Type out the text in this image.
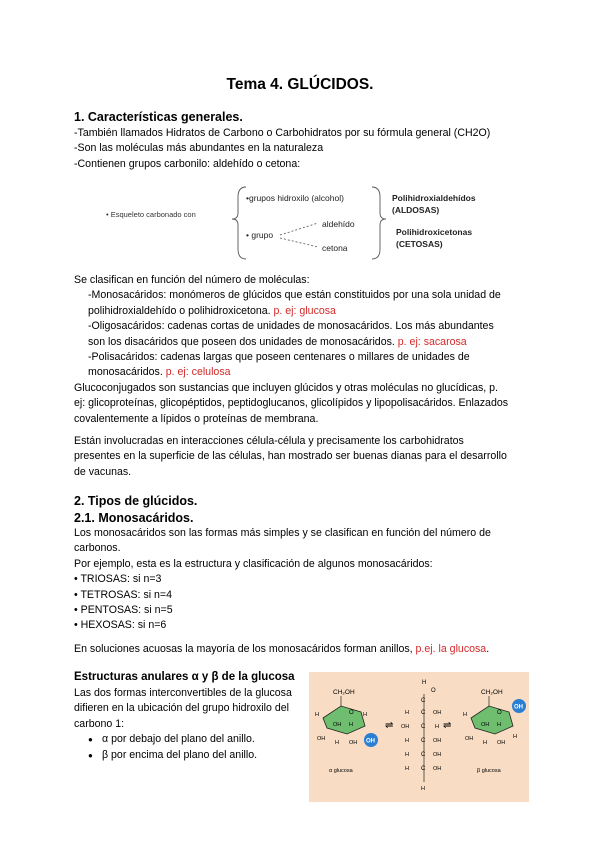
Tema 4. GLÚCIDOS.
1. Características generales.
-También llamados Hidratos de Carbono o Carbohidratos por su fórmula general (CH2O)
-Son las moléculas más abundantes en la naturaleza
-Contienen grupos carbonilo: aldehído o cetona:
• Esqueleto carbonado con
•grupos hidroxilo (alcohol)
• grupo
aldehído
cetona
Polihidroxialdehídos
(ALDOSAS)
Polihidroxicetonas
(CETOSAS)
Se clasifican en función del número de moléculas:
-Monosacáridos: monómeros de glúcidos que están constituidos por una sola unidad de
polihidroxialdehído o polihidroxicetona. p. ej: glucosa
-Oligosacáridos: cadenas cortas de unidades de monosacáridos. Los más abundantes
son los disacáridos que poseen dos unidades de monosacáridos. p. ej: sacarosa
-Polisacáridos: cadenas largas que poseen centenares o millares de unidades de
monosacáridos. p. ej: celulosa
Glucoconjugados son sustancias que incluyen glúcidos y otras moléculas no glucídicas, p.
ej: glicoproteínas, glicopéptidos, peptidoglucanos, glicolípidos y lipopolisacáridos. Enlazados
covalentemente a lípidos o proteínas de membrana.
Están involucradas en interacciones célula-célula y precisamente los carbohidratos
presentes en la superficie de las células, han mostrado ser buenas dianas para el desarrollo
de vacunas.
2. Tipos de glúcidos.
2.1. Monosacáridos.
Los monosacáridos son las formas más simples y se clasifican en función del número de
carbonos.
Por ejemplo, esta es la estructura y clasificación de algunos monosacáridos:
• TRIOSAS: si n=3
• TETROSAS: si n=4
• PENTOSAS: si n=5
• HEXOSAS: si n=6
En soluciones acuosas la mayoría de los monosacáridos forman anillos, p.ej. la glucosa.
Estructuras anulares α y β de la glucosa
Las dos formas interconvertibles de la glucosa
difieren en la ubicación del grupo hidroxilo del
carbono 1:
● α por debajo del plano del anillo.
● β por encima del plano del anillo.
CH₂OH
O
H
OH
OH H
H OH
H
OH
α glucosa
⇌	⇌
H
O
C
H C OH
OH C H
H C OH
H C OH
H C OH
H
CH₂OH
O
H
OH
OH H
H OH
H
OH
β glucosa
